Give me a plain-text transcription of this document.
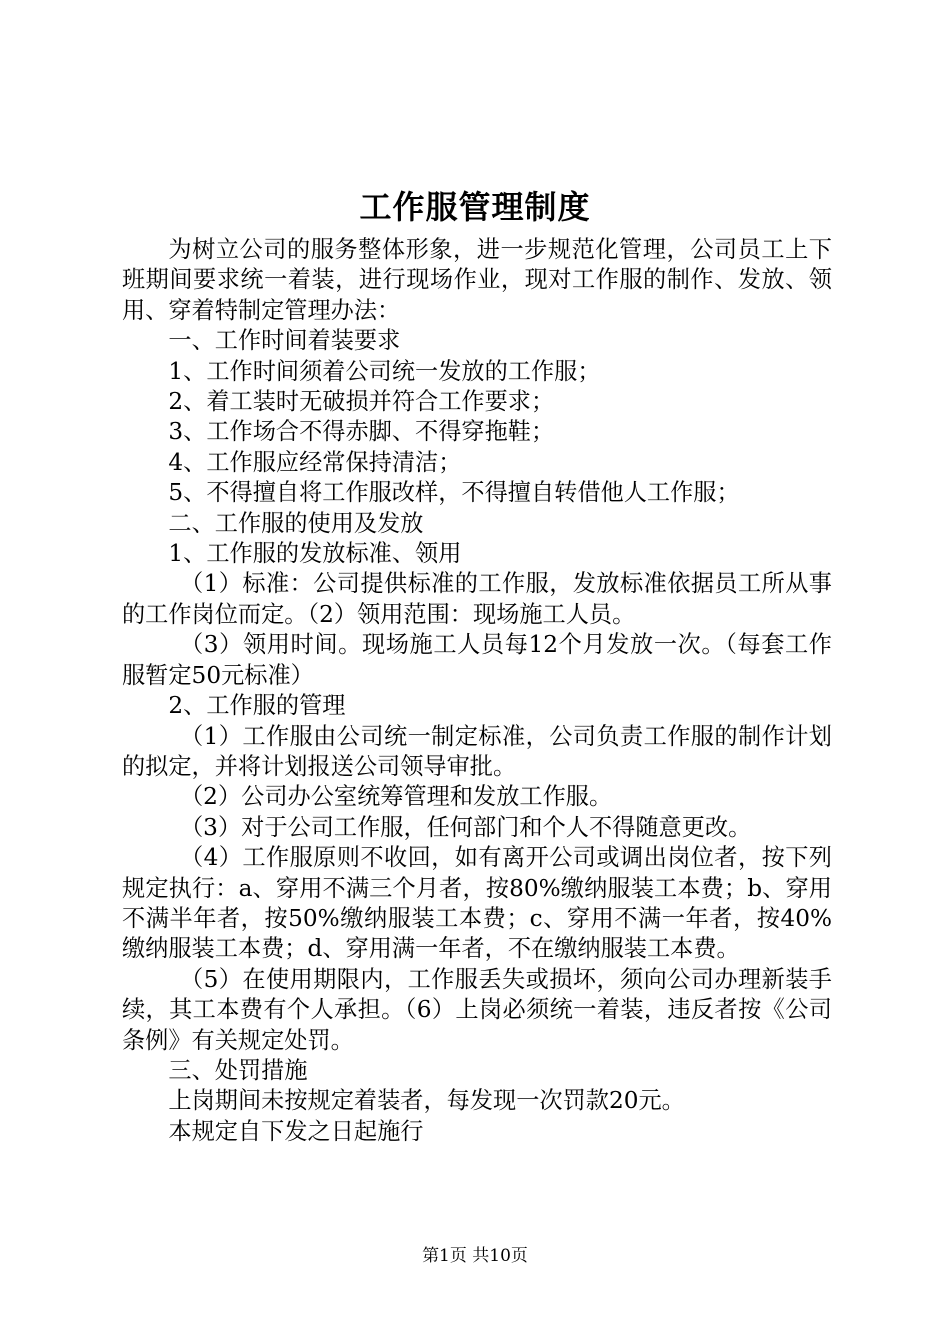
工作服管理制度

为树立公司的服务整体形象，进一步规范化管理，公司员工上下班期间要求统一着装，进行现场作业，现对工作服的制作、发放、领用、穿着特制定管理办法：

一、工作时间着装要求

1、工作时间须着公司统一发放的工作服；

2、着工装时无破损并符合工作要求；

3、工作场合不得赤脚、不得穿拖鞋；

4、工作服应经常保持清洁；

5、不得擅自将工作服改样，不得擅自转借他人工作服；

二、工作服的使用及发放

1、工作服的发放标准、领用

（1）标准：公司提供标准的工作服，发放标准依据员工所从事的工作岗位而定。（2）领用范围：现场施工人员。

（3）领用时间。现场施工人员每12个月发放一次。（每套工作服暂定50元标准）

2、工作服的管理

（1）工作服由公司统一制定标准，公司负责工作服的制作计划的拟定，并将计划报送公司领导审批。

（2）公司办公室统筹管理和发放工作服。

（3）对于公司工作服，任何部门和个人不得随意更改。

（4）工作服原则不收回，如有离开公司或调出岗位者，按下列规定执行：a、穿用不满三个月者，按80%缴纳服装工本费；b、穿用不满半年者，按50%缴纳服装工本费；c、穿用不满一年者，按40%缴纳服装工本费；d、穿用满一年者，不在缴纳服装工本费。

（5）在使用期限内，工作服丢失或损坏，须向公司办理新装手续，其工本费有个人承担。（6）上岗必须统一着装，违反者按《公司条例》有关规定处罚。

三、处罚措施

上岗期间未按规定着装者，每发现一次罚款20元。

本规定自下发之日起施行

第1页 共10页
